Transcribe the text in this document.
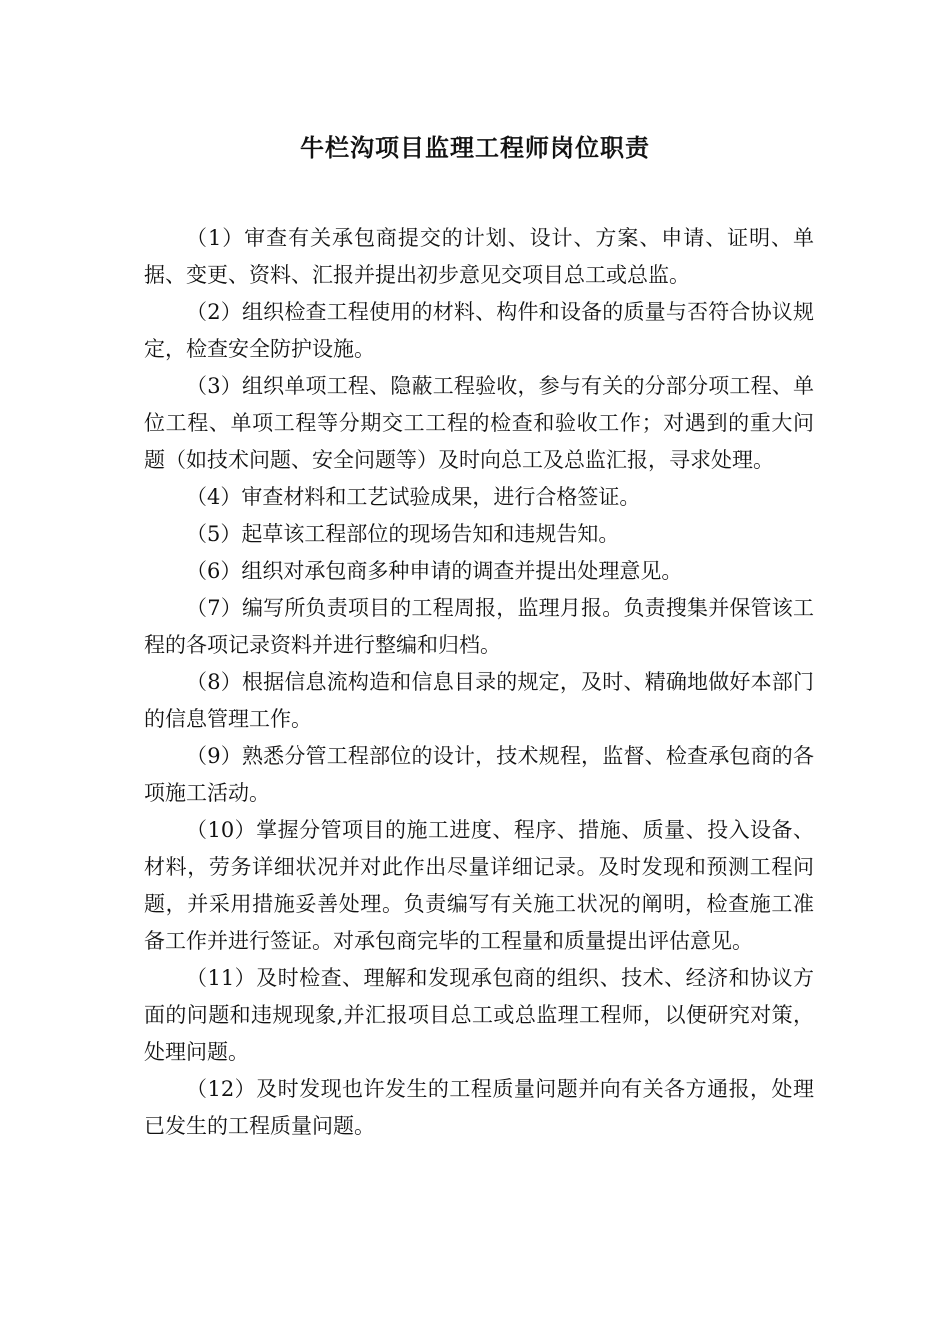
牛栏沟项目监理工程师岗位职责

（1）审查有关承包商提交的计划、设计、方案、申请、证明、单据、变更、资料、汇报并提出初步意见交项目总工或总监。

（2）组织检查工程使用的材料、构件和设备的质量与否符合协议规定，检查安全防护设施。

（3）组织单项工程、隐蔽工程验收，参与有关的分部分项工程、单位工程、单项工程等分期交工工程的检查和验收工作；对遇到的重大问题（如技术问题、安全问题等）及时向总工及总监汇报，寻求处理。

（4）审查材料和工艺试验成果，进行合格签证。

（5）起草该工程部位的现场告知和违规告知。

（6）组织对承包商多种申请的调查并提出处理意见。

（7）编写所负责项目的工程周报，监理月报。负责搜集并保管该工程的各项记录资料并进行整编和归档。

（8）根据信息流构造和信息目录的规定，及时、精确地做好本部门的信息管理工作。

（9）熟悉分管工程部位的设计，技术规程，监督、检查承包商的各项施工活动。

（10）掌握分管项目的施工进度、程序、措施、质量、投入设备、材料，劳务详细状况并对此作出尽量详细记录。及时发现和预测工程问题，并采用措施妥善处理。负责编写有关施工状况的阐明，检查施工准备工作并进行签证。对承包商完毕的工程量和质量提出评估意见。

（11）及时检查、理解和发现承包商的组织、技术、经济和协议方面的问题和违规现象,并汇报项目总工或总监理工程师，以便研究对策，处理问题。

（12）及时发现也许发生的工程质量问题并向有关各方通报，处理已发生的工程质量问题。
